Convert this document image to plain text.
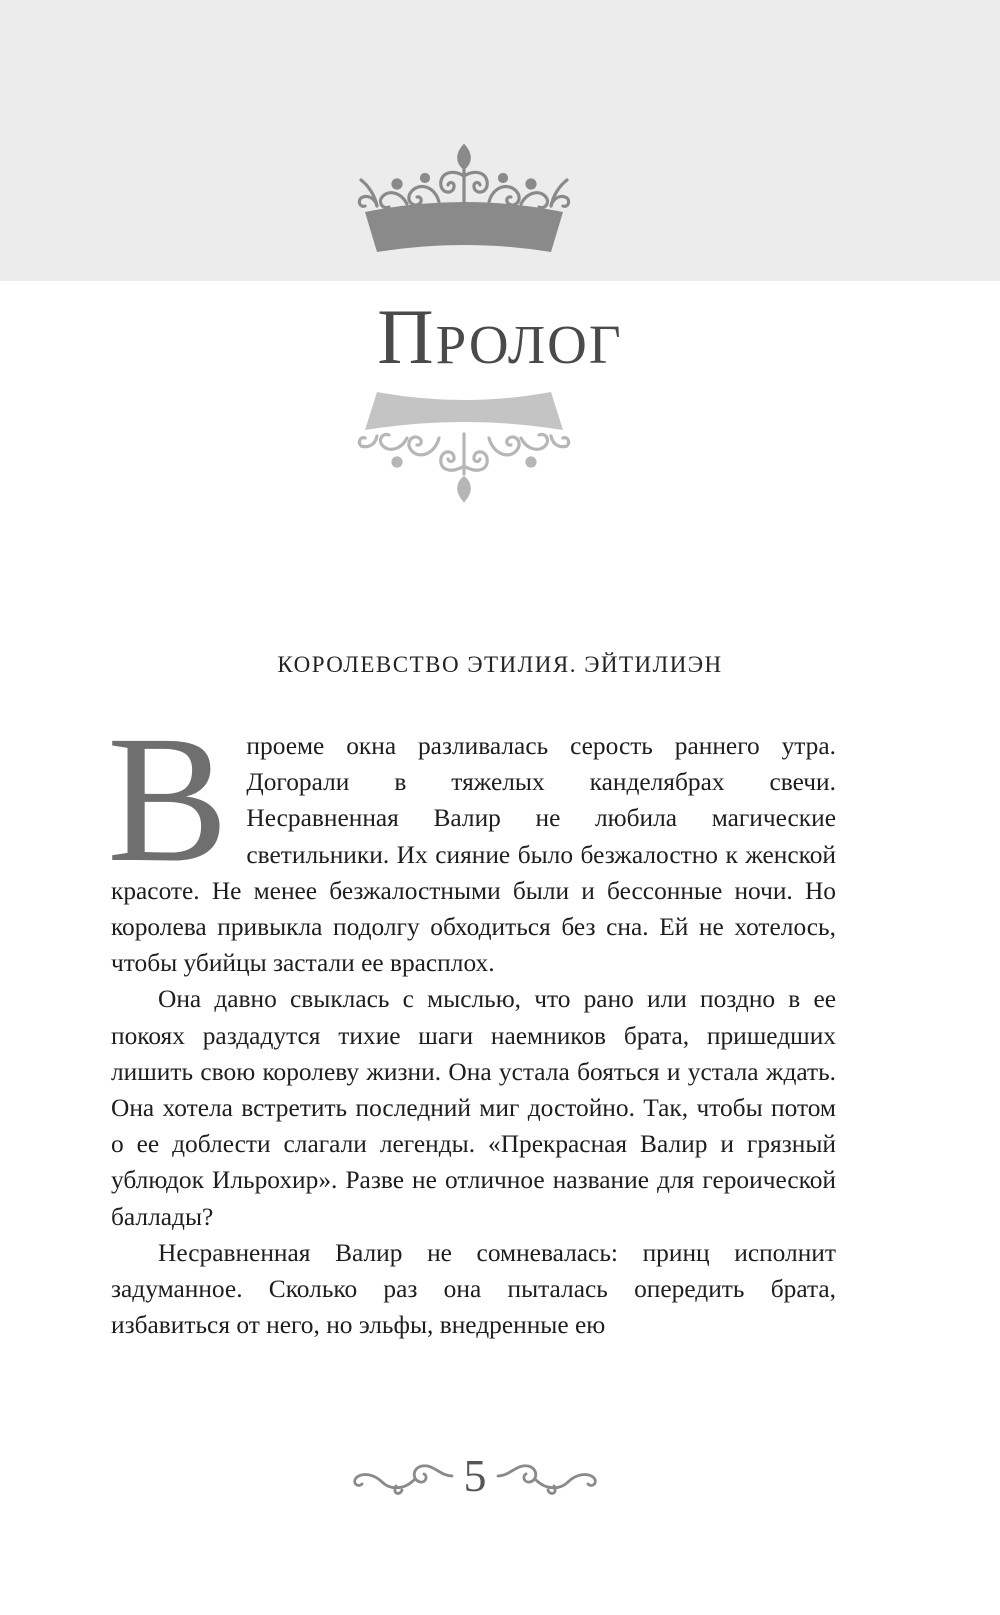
Пролог
КОРОЛЕВСТВО ЭТИЛИЯ. ЭЙТИЛИЭН

Впроеме окна разливалась серость раннего утра. Догорали в тяжелых канделябрах свечи. Несравненная Валир не любила магические светильники. Их сияние было безжалостно к женской красоте. Не менее безжалостными были и бессонные ночи. Но королева привыкла подолгу обходиться без сна. Ей не хотелось, чтобы убийцы застали ее врасплох.

Она давно свыклась с мыслью, что рано или поздно в ее покоях раздадутся тихие шаги наемников брата, пришедших лишить свою королеву жизни. Она устала бояться и устала ждать. Она хотела встретить последний миг достойно. Так, чтобы потом о ее доблести слагали легенды. «Прекрасная Валир и грязный ублюдок Ильрохир». Разве не отличное название для героической баллады?

Несравненная Валир не сомневалась: принц исполнит задуманное. Сколько раз она пыталась опередить брата, избавиться от него, но эльфы, внедренные ею

5
